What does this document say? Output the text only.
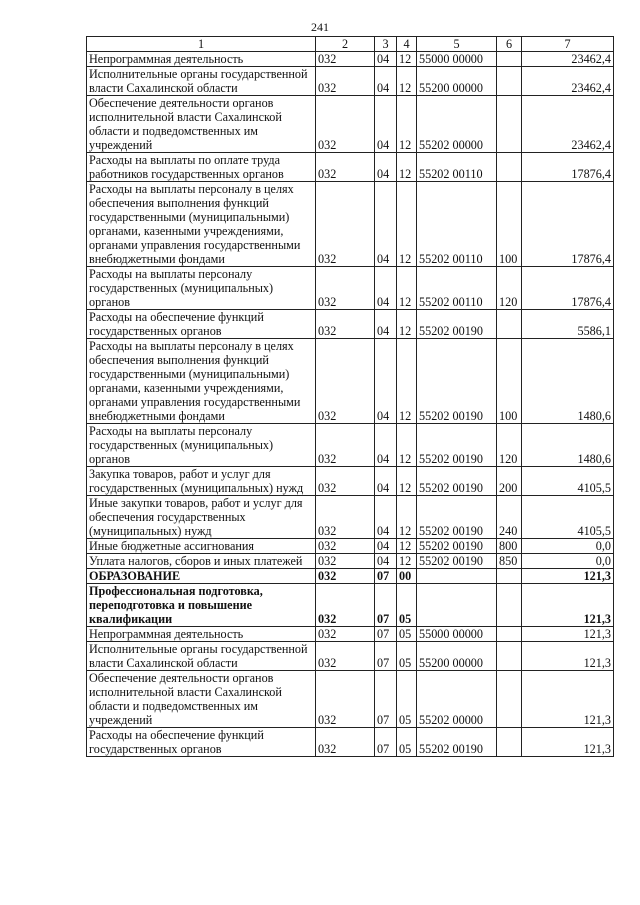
241
1	2	3	4	5	6	7
Непрограммная деятельность	032	04	12	55000 00000		23462,4
Исполнительные органы государственной власти Сахалинской области	032	04	12	55200 00000		23462,4
Обеспечение деятельности органов исполнительной власти Сахалинской области и подведомственных им учреждений	032	04	12	55202 00000		23462,4
Расходы на выплаты по оплате труда работников государственных органов	032	04	12	55202 00110		17876,4
Расходы на выплаты персоналу в целях обеспечения выполнения функций государственными (муниципальными) органами, казенными учреждениями, органами управления государственными внебюджетными фондами	032	04	12	55202 00110	100	17876,4
Расходы на выплаты персоналу государственных (муниципальных) органов	032	04	12	55202 00110	120	17876,4
Расходы на обеспечение функций государственных органов	032	04	12	55202 00190		5586,1
Расходы на выплаты персоналу в целях обеспечения выполнения функций государственными (муниципальными) органами, казенными учреждениями, органами управления государственными внебюджетными фондами	032	04	12	55202 00190	100	1480,6
Расходы на выплаты персоналу государственных (муниципальных) органов	032	04	12	55202 00190	120	1480,6
Закупка товаров, работ и услуг для государственных (муниципальных) нужд	032	04	12	55202 00190	200	4105,5
Иные закупки товаров, работ и услуг для обеспечения государственных (муниципальных) нужд	032	04	12	55202 00190	240	4105,5
Иные бюджетные ассигнования	032	04	12	55202 00190	800	0,0
Уплата налогов, сборов и иных платежей	032	04	12	55202 00190	850	0,0
ОБРАЗОВАНИЕ	032	07	00			121,3
Профессиональная подготовка, переподготовка и повышение квалификации	032	07	05			121,3
Непрограммная деятельность	032	07	05	55000 00000		121,3
Исполнительные органы государственной власти Сахалинской области	032	07	05	55200 00000		121,3
Обеспечение деятельности органов исполнительной власти Сахалинской области и подведомственных им учреждений	032	07	05	55202 00000		121,3
Расходы на обеспечение функций государственных органов	032	07	05	55202 00190		121,3
